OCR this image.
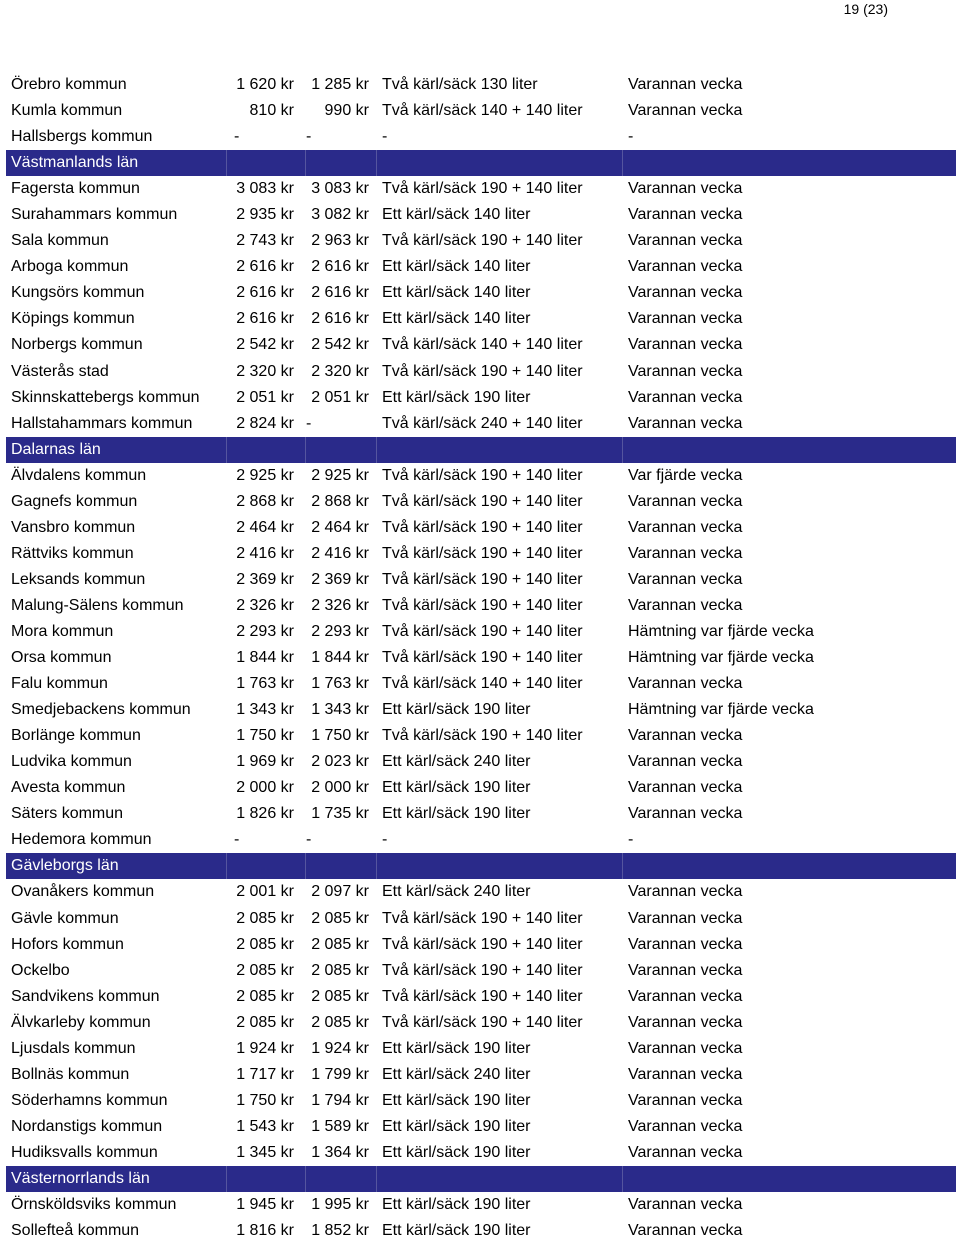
19 (23)
Örebro kommun	1 620 kr	1 285 kr Två kärl/säck 130 liter	Varannan vecka
Kumla kommun	810 kr	990 kr Två kärl/säck 140 + 140 liter	Varannan vecka
Hallsbergs kommun	-	-	-	-
Västmanlands län
Fagersta kommun	3 083 kr	3 083 kr Två kärl/säck 190 + 140 liter	Varannan vecka
Surahammars kommun	2 935 kr	3 082 kr Ett kärl/säck 140 liter	Varannan vecka
Sala kommun	2 743 kr	2 963 kr Två kärl/säck 190 + 140 liter	Varannan vecka
Arboga kommun	2 616 kr	2 616 kr Ett kärl/säck 140 liter	Varannan vecka
Kungsörs kommun	2 616 kr	2 616 kr Ett kärl/säck 140 liter	Varannan vecka
Köpings kommun	2 616 kr	2 616 kr Ett kärl/säck 140 liter	Varannan vecka
Norbergs kommun	2 542 kr	2 542 kr Två kärl/säck 140 + 140 liter	Varannan vecka
Västerås stad	2 320 kr	2 320 kr Två kärl/säck 190 + 140 liter	Varannan vecka
Skinnskattebergs kommun	2 051 kr	2 051 kr Ett kärl/säck 190 liter	Varannan vecka
Hallstahammars kommun	2 824 kr -	Två kärl/säck 240 + 140 liter	Varannan vecka
Dalarnas län
Älvdalens kommun	2 925 kr	2 925 kr Två kärl/säck 190 + 140 liter	Var fjärde vecka
Gagnefs kommun	2 868 kr	2 868 kr Två kärl/säck 190 + 140 liter	Varannan vecka
Vansbro kommun	2 464 kr	2 464 kr Två kärl/säck 190 + 140 liter	Varannan vecka
Rättviks kommun	2 416 kr	2 416 kr Två kärl/säck 190 + 140 liter	Varannan vecka
Leksands kommun	2 369 kr	2 369 kr Två kärl/säck 190 + 140 liter	Varannan vecka
Malung-Sälens kommun	2 326 kr	2 326 kr Två kärl/säck 190 + 140 liter	Varannan vecka
Mora kommun	2 293 kr	2 293 kr Två kärl/säck 190 + 140 liter	Hämtning var fjärde vecka
Orsa kommun	1 844 kr	1 844 kr Två kärl/säck 190 + 140 liter	Hämtning var fjärde vecka
Falu kommun	1 763 kr	1 763 kr Två kärl/säck 140 + 140 liter	Varannan vecka
Smedjebackens kommun	1 343 kr	1 343 kr Ett kärl/säck 190 liter	Hämtning var fjärde vecka
Borlänge kommun	1 750 kr	1 750 kr Två kärl/säck 190 + 140 liter	Varannan vecka
Ludvika kommun	1 969 kr	2 023 kr Ett kärl/säck 240 liter	Varannan vecka
Avesta kommun	2 000 kr	2 000 kr Ett kärl/säck 190 liter	Varannan vecka
Säters kommun	1 826 kr	1 735 kr Ett kärl/säck 190 liter	Varannan vecka
Hedemora kommun	-	-	-	-
Gävleborgs län
Ovanåkers kommun	2 001 kr	2 097 kr Ett kärl/säck 240 liter	Varannan vecka
Gävle kommun	2 085 kr	2 085 kr Två kärl/säck 190 + 140 liter	Varannan vecka
Hofors kommun	2 085 kr	2 085 kr Två kärl/säck 190 + 140 liter	Varannan vecka
Ockelbo	2 085 kr	2 085 kr Två kärl/säck 190 + 140 liter	Varannan vecka
Sandvikens kommun	2 085 kr	2 085 kr Två kärl/säck 190 + 140 liter	Varannan vecka
Älvkarleby kommun	2 085 kr	2 085 kr Två kärl/säck 190 + 140 liter	Varannan vecka
Ljusdals kommun	1 924 kr	1 924 kr Ett kärl/säck 190 liter	Varannan vecka
Bollnäs kommun	1 717 kr	1 799 kr Ett kärl/säck 240 liter	Varannan vecka
Söderhamns kommun	1 750 kr	1 794 kr Ett kärl/säck 190 liter	Varannan vecka
Nordanstigs kommun	1 543 kr	1 589 kr Ett kärl/säck 190 liter	Varannan vecka
Hudiksvalls kommun	1 345 kr	1 364 kr Ett kärl/säck 190 liter	Varannan vecka
Västernorrlands län
Örnsköldsviks kommun	1 945 kr	1 995 kr Ett kärl/säck 190 liter	Varannan vecka
Sollefteå kommun	1 816 kr	1 852 kr Ett kärl/säck 190 liter	Varannan vecka
